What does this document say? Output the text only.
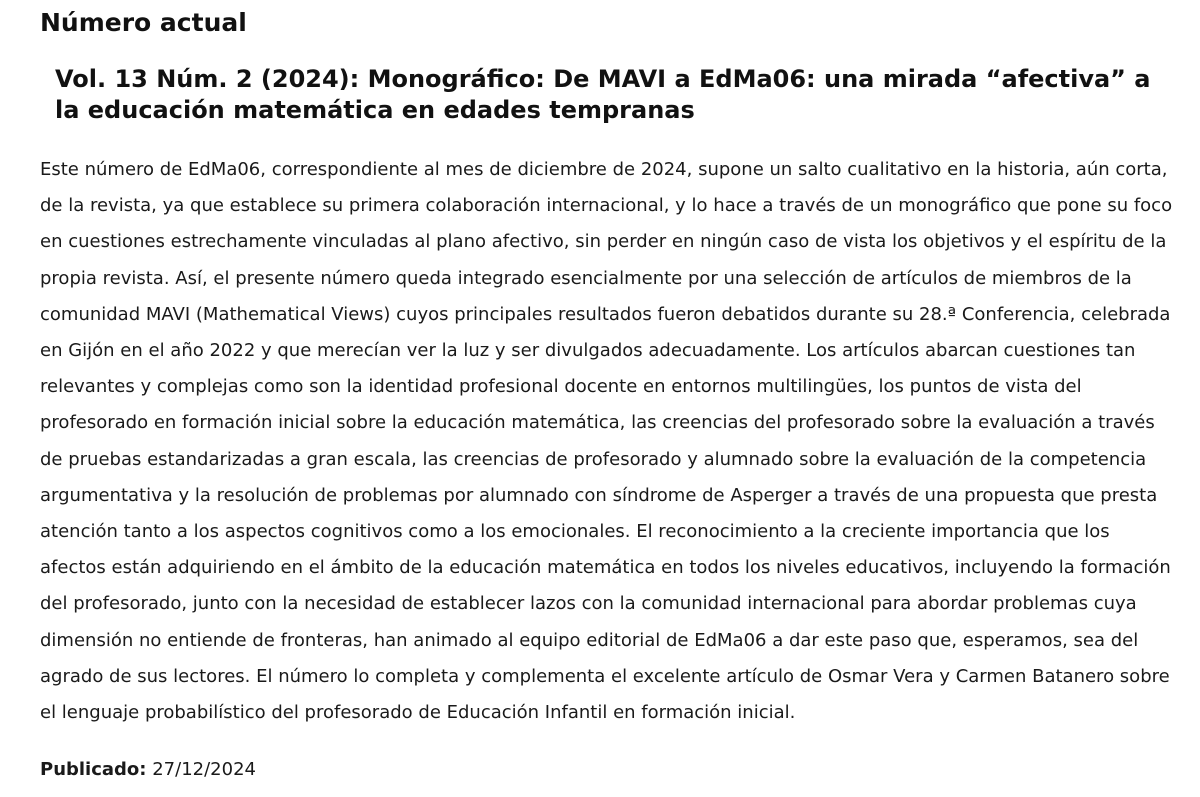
Número actual
Vol. 13 Núm. 2 (2024): Monográfico: De MAVI a EdMa06: una mirada “afectiva” a la educación matemática en edades tempranas
Este número de EdMa06, correspondiente al mes de diciembre de 2024, supone un salto cualitativo en la historia, aún corta,
de la revista, ya que establece su primera colaboración internacional, y lo hace a través de un monográfico que pone su foco
en cuestiones estrechamente vinculadas al plano afectivo, sin perder en ningún caso de vista los objetivos y el espíritu de la
propia revista. Así, el presente número queda integrado esencialmente por una selección de artículos de miembros de la
comunidad MAVI (Mathematical Views) cuyos principales resultados fueron debatidos durante su 28.ª Conferencia, celebrada
en Gijón en el año 2022 y que merecían ver la luz y ser divulgados adecuadamente. Los artículos abarcan cuestiones tan
relevantes y complejas como son la identidad profesional docente en entornos multilingües, los puntos de vista del
profesorado en formación inicial sobre la educación matemática, las creencias del profesorado sobre la evaluación a través
de pruebas estandarizadas a gran escala, las creencias de profesorado y alumnado sobre la evaluación de la competencia
argumentativa y la resolución de problemas por alumnado con síndrome de Asperger a través de una propuesta que presta
atención tanto a los aspectos cognitivos como a los emocionales. El reconocimiento a la creciente importancia que los
afectos están adquiriendo en el ámbito de la educación matemática en todos los niveles educativos, incluyendo la formación
del profesorado, junto con la necesidad de establecer lazos con la comunidad internacional para abordar problemas cuya
dimensión no entiende de fronteras, han animado al equipo editorial de EdMa06 a dar este paso que, esperamos, sea del
agrado de sus lectores. El número lo completa y complementa el excelente artículo de Osmar Vera y Carmen Batanero sobre
el lenguaje probabilístico del profesorado de Educación Infantil en formación inicial.

Publicado: 27/12/2024
